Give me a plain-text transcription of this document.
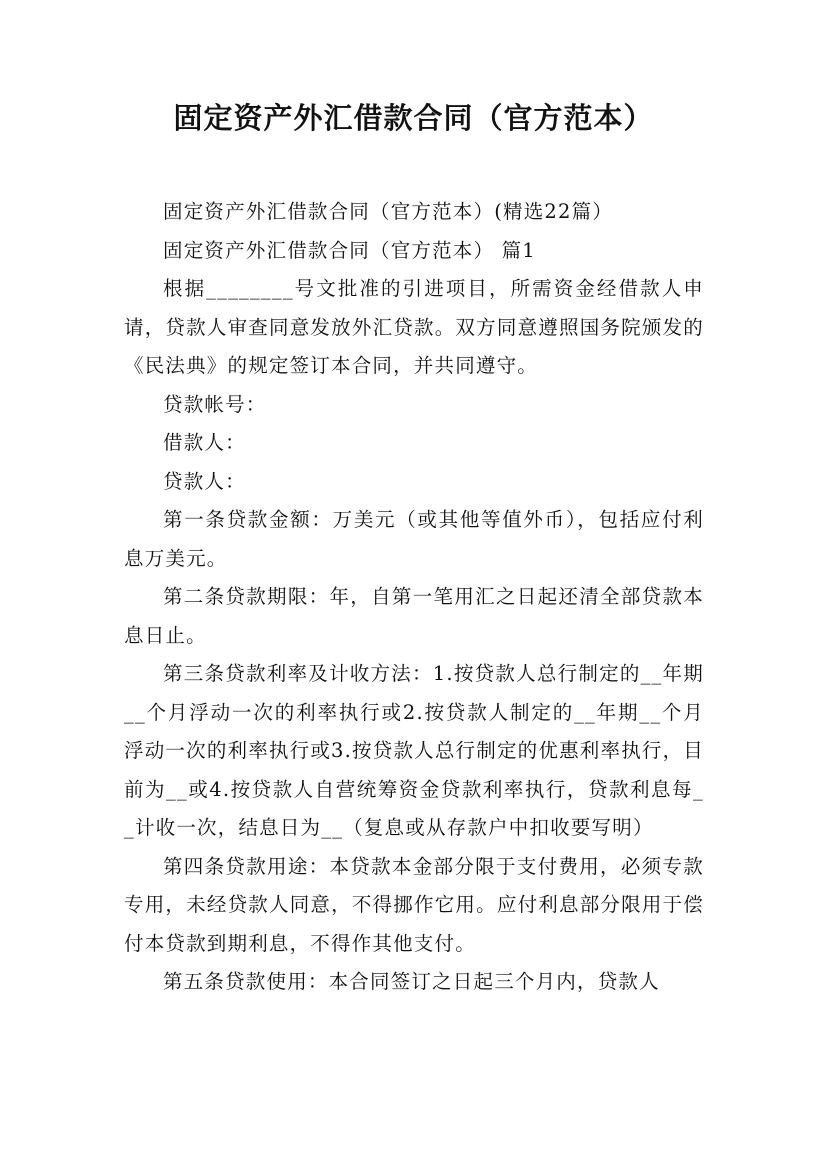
固定资产外汇借款合同（官方范本）

固定资产外汇借款合同（官方范本）(精选22篇）

固定资产外汇借款合同（官方范本） 篇1

根据________号文批准的引进项目，所需资金经借款人申请，贷款人审查同意发放外汇贷款。双方同意遵照国务院颁发的《民法典》的规定签订本合同，并共同遵守。

贷款帐号：

借款人：

贷款人：

第一条贷款金额：万美元（或其他等值外币），包括应付利息万美元。

第二条贷款期限：年，自第一笔用汇之日起还清全部贷款本息日止。

第三条贷款利率及计收方法：1.按贷款人总行制定的__年期__个月浮动一次的利率执行或2.按贷款人制定的__年期__个月浮动一次的利率执行或3.按贷款人总行制定的优惠利率执行，目前为__或4.按贷款人自营统筹资金贷款利率执行，贷款利息每__计收一次，结息日为__（复息或从存款户中扣收要写明）

第四条贷款用途：本贷款本金部分限于支付费用，必须专款专用，未经贷款人同意，不得挪作它用。应付利息部分限用于偿付本贷款到期利息，不得作其他支付。

第五条贷款使用：本合同签订之日起三个月内，贷款人
